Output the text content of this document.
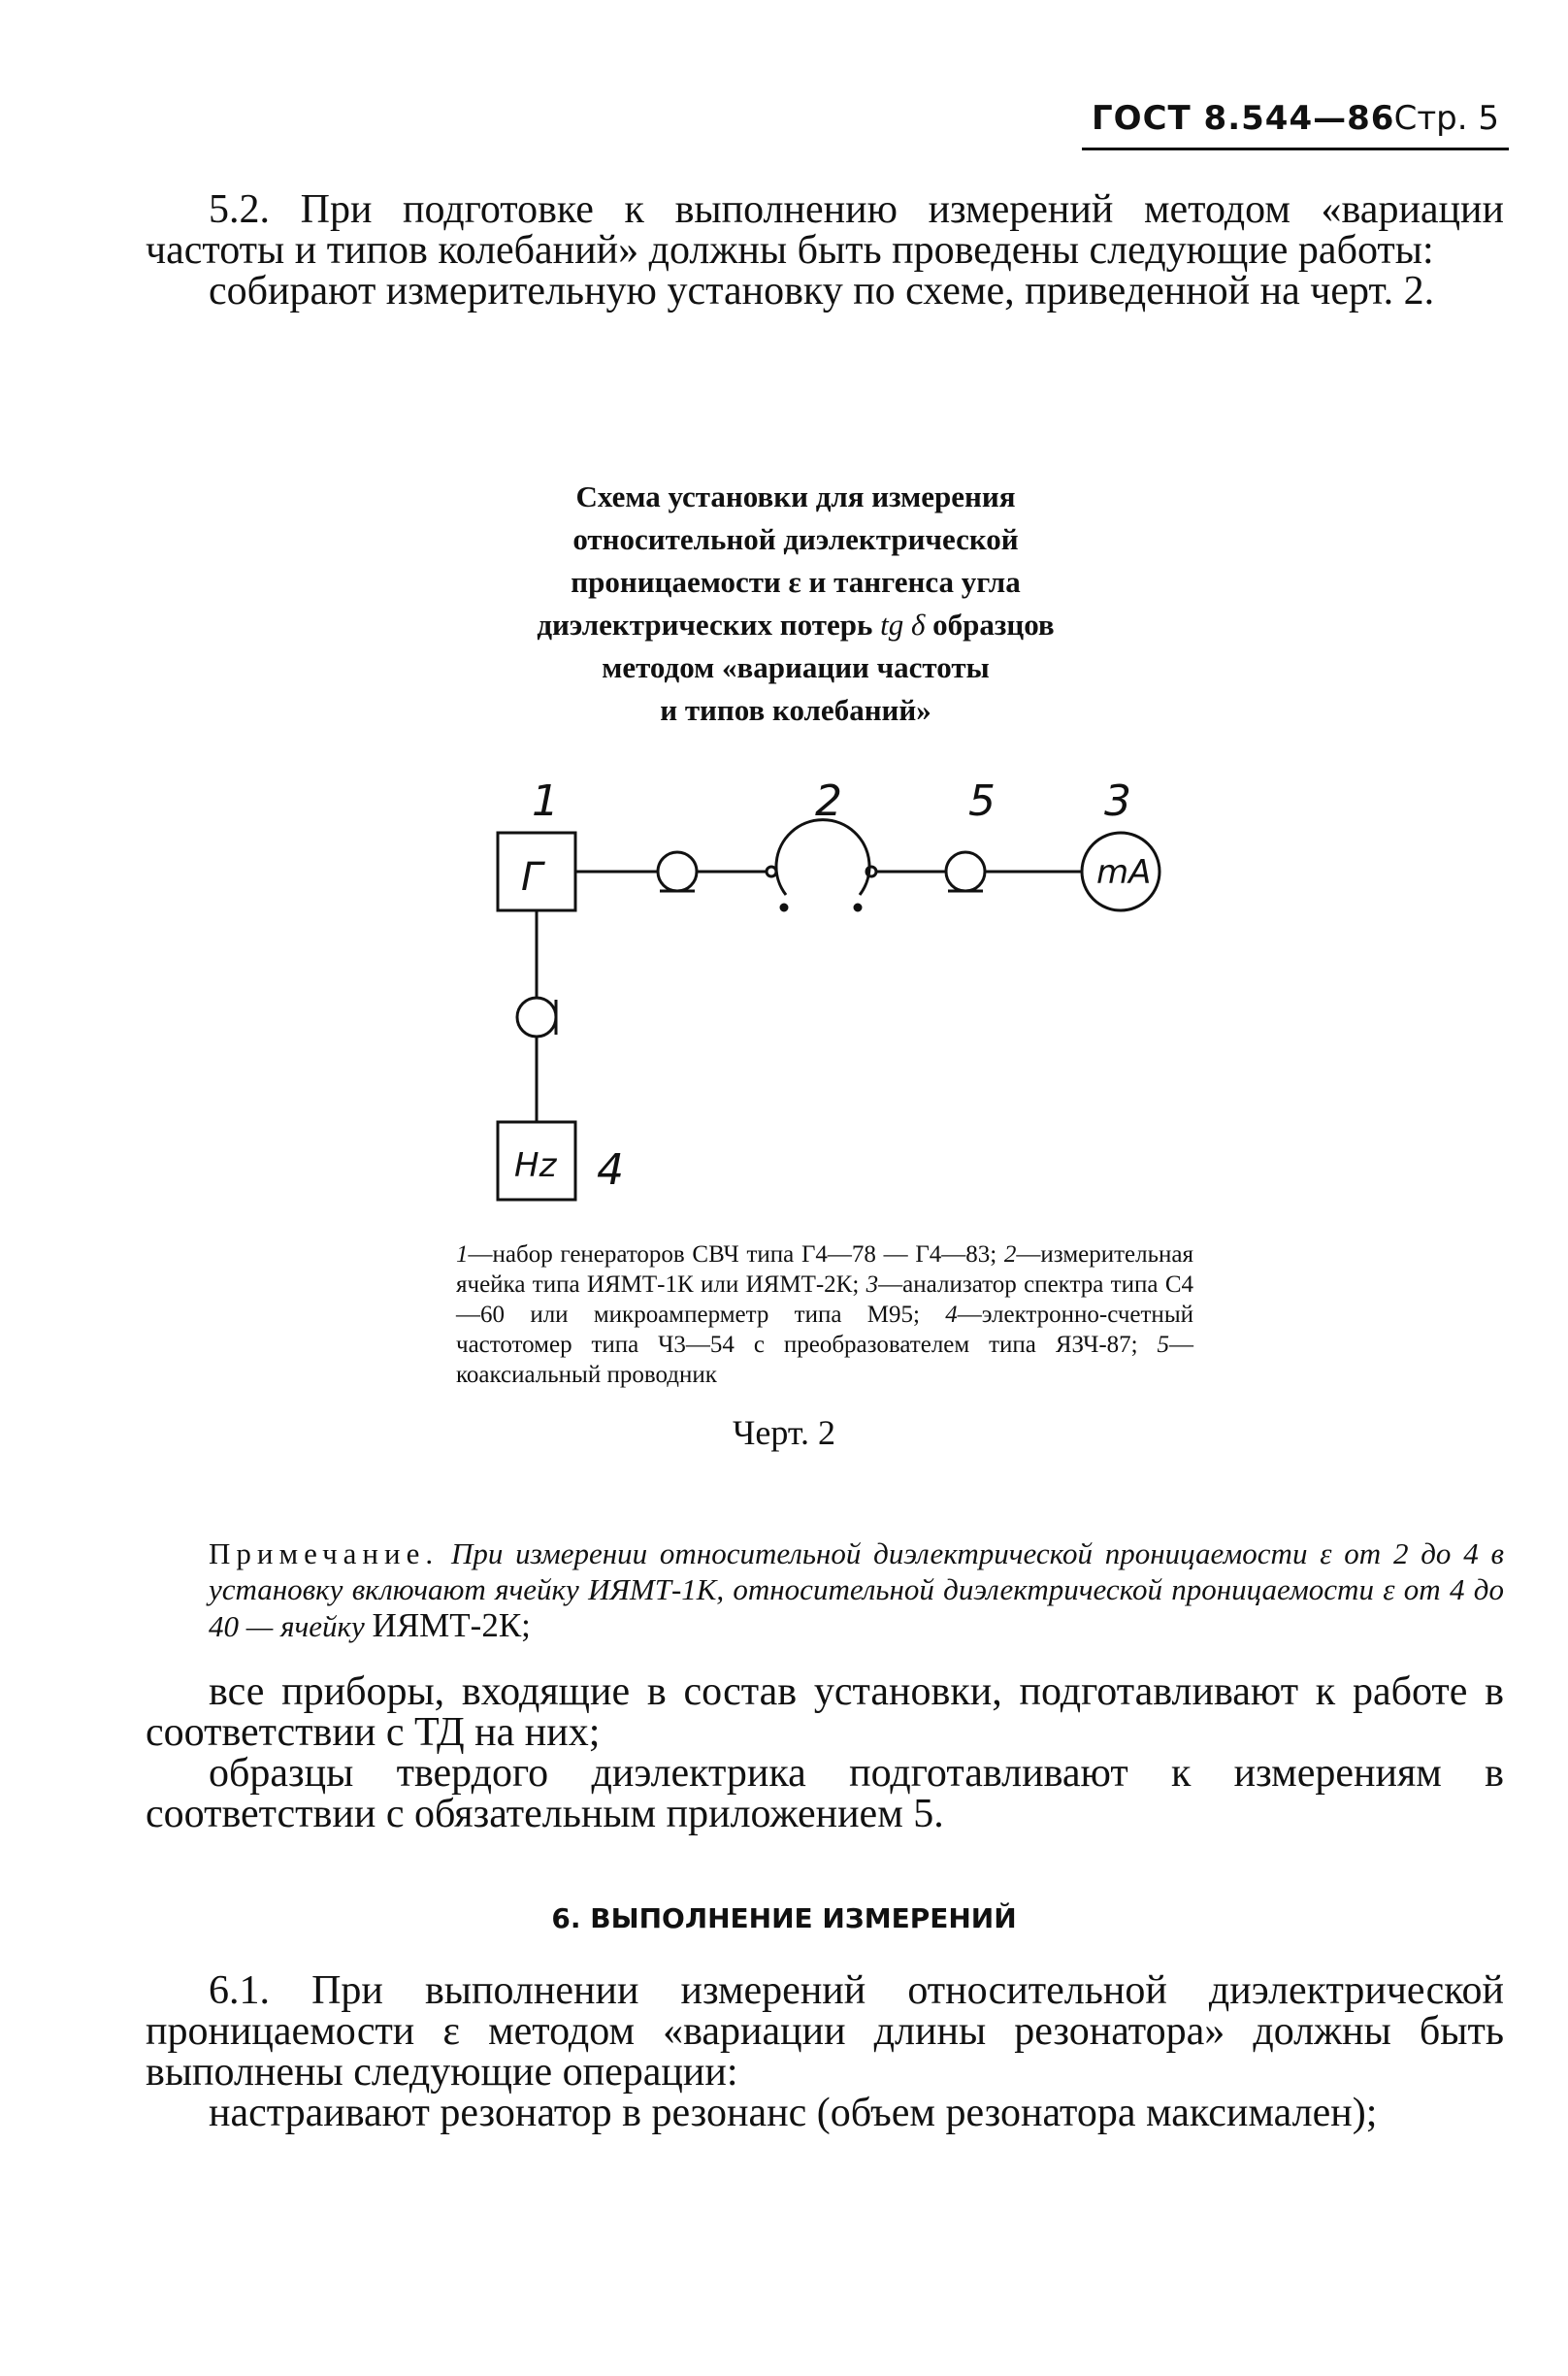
ГОСТ 8.544—86 Стр. 5

5.2. При подготовке к выполнению измерений методом «вариации частоты и типов колебаний» должны быть проведены следующие работы:

собирают измерительную установку по схеме, приведенной на черт. 2.

Схема установки для измерения
относительной диэлектрической
проницаемости ε и тангенса угла
диэлектрических потерь tg δ образцов
методом «вариации частоты
и типов колебаний»
1	2	5	3
4
Г	mA
Hz
1—набор генераторов СВЧ типа Г4—78 — Г4—83; 2—измерительная ячейка типа ИЯМТ-1К или ИЯМТ-2К; 3—анализатор спектра типа С4—60 или микроамперметр типа М95; 4—электронно-счетный частотомер типа Ч3—54 с преобразователем типа ЯЗЧ-87; 5—коаксиальный проводник
Черт. 2
Примечание. При измерении относительной диэлектрической проницаемости ε от 2 до 4 в установку включают ячейку ИЯМТ-1К, относительной диэлектрической проницаемости ε от 4 до 40 — ячейку ИЯМТ-2К;

все приборы, входящие в состав установки, подготавливают к работе в соответствии с ТД на них;

образцы твердого диэлектрика подготавливают к измерениям в соответствии с обязательным приложением 5.

6. ВЫПОЛНЕНИЕ ИЗМЕРЕНИЙ

6.1. При выполнении измерений относительной диэлектрической проницаемости ε методом «вариации длины резонатора» должны быть выполнены следующие операции:

настраивают резонатор в резонанс (объем резонатора максимален);
